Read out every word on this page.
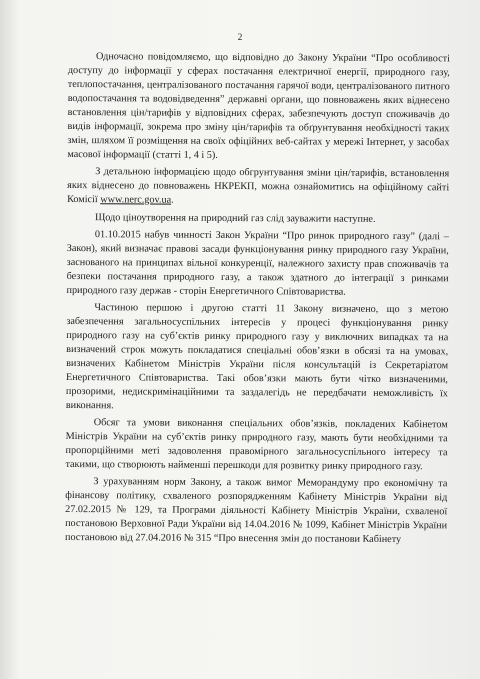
2

Одночасно повідомляємо, що відповідно до Закону України “Про особливості доступу до інформації у сферах постачання електричної енергії, природного газу, теплопостачання, централізованого постачання гарячої води, централізованого питного водопостачання та водовідведення” державні органи, що повноважень яких віднесено встановлення цін/тарифів у відповідних сферах, забезпечують доступ споживачів до видів інформації, зокрема про зміну цін/тарифів та обґрунтування необхідності таких змін, шляхом її розміщення на своїх офіційних веб-сайтах у мережі Інтернет, у засобах масової інформації (статті 1, 4 і 5).

З детальною інформацією щодо обгрунтування зміни цін/тарифів, встановлення яких віднесено до повноважень НКРЕКП, можна ознайомитись на офіційному сайті Комісії www.nerc.gov.ua.

Щодо ціноутворення на природний газ слід зауважити наступне.

01.10.2015 набув чинності Закон України “Про ринок природного газу” (далі – Закон), який визначає правові засади функціонування ринку природного газу України, заснованого на принципах вільної конкуренції, належного захисту прав споживачів та безпеки постачання природного газу, а також здатного до інтеграції з ринками природного газу держав - сторін Енергетичного Співтовариства.

Частиною першою і другою статті 11 Закону визначено, що з метою забезпечення загальносуспільних інтересів у процесі функціонування ринку природного газу на суб’єктів ринку природного газу у виключних випадках та на визначений строк можуть покладатися спеціальні обов’язки в обсязі та на умовах, визначених Кабінетом Міністрів України після консультацій із Секретаріатом Енергетичного Співтовариства. Такі обов’язки мають бути чітко визначеними, прозорими, недискримінаційними та заздалегідь не передбачати неможливість їх виконання.

Обсяг та умови виконання спеціальних обов’язків, покладених Кабінетом Міністрів України на суб’єктів ринку природного газу, мають бути необхідними та пропорційними меті задоволення правомірного загальносуспільного інтересу та такими, що створюють найменші перешкоди для розвитку ринку природного газу.

З урахуванням норм Закону, а також вимог Меморандуму про економічну та фінансову політику, схваленого розпорядженням Кабінету Міністрів України від 27.02.2015 № 129, та Програми діяльності Кабінету Міністрів України, схваленої постановою Верховної Ради України від 14.04.2016 № 1099, Кабінет Міністрів України постановою від 27.04.2016 № 315 “Про внесення змін до постанови Кабінету
